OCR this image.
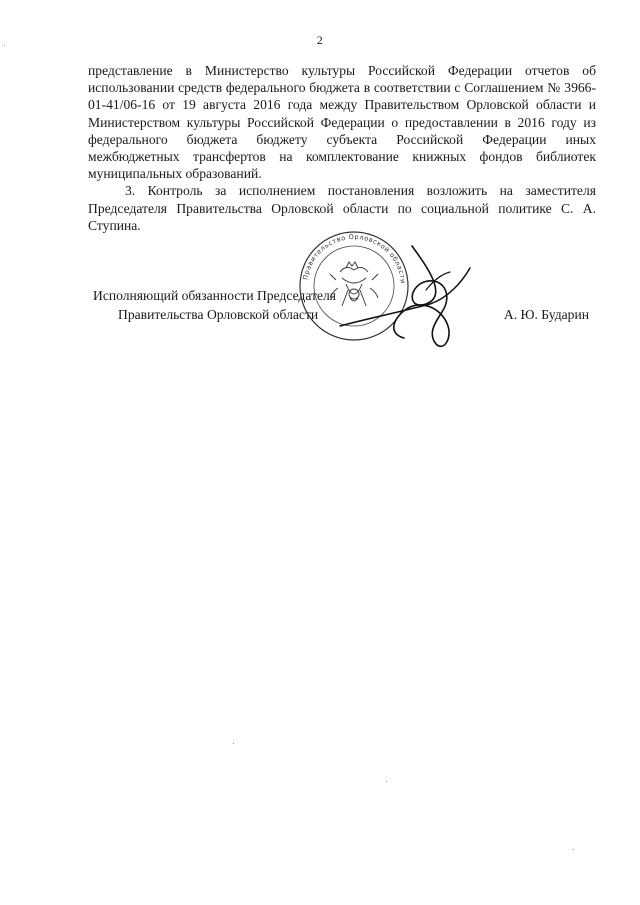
2

представление в Министерство культуры Российской Федерации отчетов об использовании средств федерального бюджета в соответствии с Соглашением № 3966-01-41/06-16 от 19 августа 2016 года между Правительством Орловской области и Министерством культуры Российской Федерации о предоставлении в 2016 году из федерального бюджета бюджету субъекта Российской Федерации иных межбюджетных трансфертов на комплектование книжных фондов библиотек муниципальных образований.

3. Контроль за исполнением постановления возложить на заместителя Председателя Правительства Орловской области по социальной политике С. А. Ступина.

Правительство Орловской области
Исполняющий обязанности Председателя
Правительства Орловской области	А. Ю. Бударин
